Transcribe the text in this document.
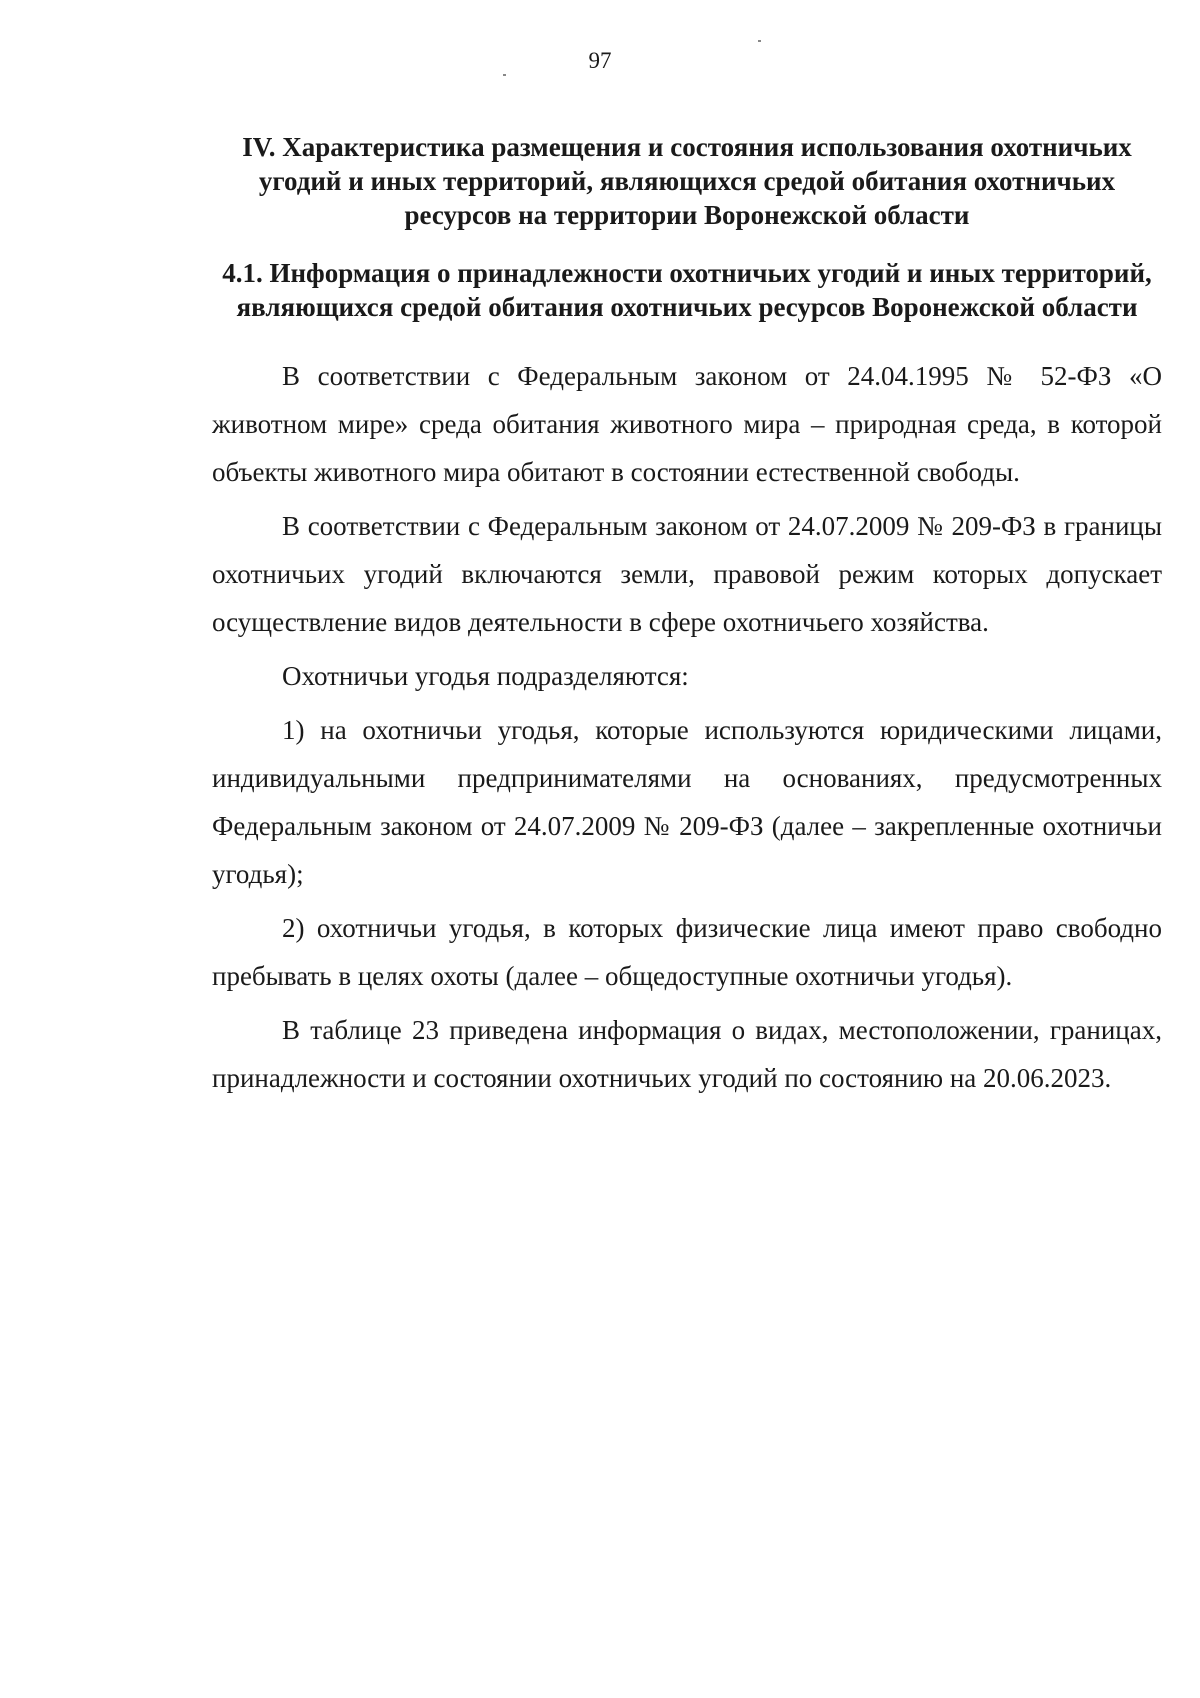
97
IV. Характеристика размещения и состояния использования охотничьих угодий и иных территорий, являющихся средой обитания охотничьих ресурсов на территории Воронежской области
4.1. Информация о принадлежности охотничьих угодий и иных территорий, являющихся средой обитания охотничьих ресурсов Воронежской области

В соответствии с Федеральным законом от 24.04.1995 № 52-ФЗ «О животном мире» среда обитания животного мира – природная среда, в которой объекты животного мира обитают в состоянии естественной свободы.

В соответствии с Федеральным законом от 24.07.2009 № 209-ФЗ в границы охотничьих угодий включаются земли, правовой режим которых допускает осуществление видов деятельности в сфере охотничьего хозяйства.

Охотничьи угодья подразделяются:

1) на охотничьи угодья, которые используются юридическими лицами, индивидуальными предпринимателями на основаниях, предусмотренных Федеральным законом от 24.07.2009 № 209-ФЗ (далее – закрепленные охотничьи угодья);

2) охотничьи угодья, в которых физические лица имеют право свободно пребывать в целях охоты (далее – общедоступные охотничьи угодья).

В таблице 23 приведена информация о видах, местоположении, границах, принадлежности и состоянии охотничьих угодий по состоянию на 20.06.2023.
